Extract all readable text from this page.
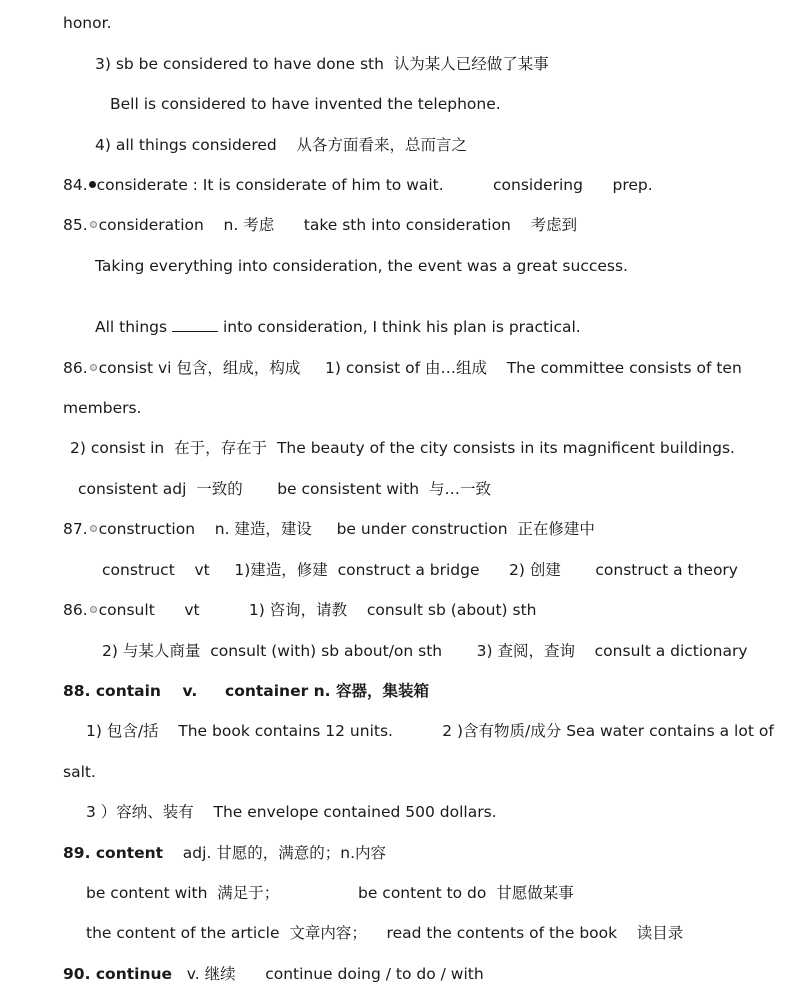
honor.
3) sb be considered to have done sth  认为某人已经做了某事
Bell is considered to have invented the telephone.
4) all things considered    从各方面看来，总而言之
84. considerate : It is considerate of him to wait.	considering      prep.
85. consideration    n. 考虑      take sth into consideration    考虑到
Taking everything into consideration, the event was a great success.
All things	into consideration, I think his plan is practical.
86. consist vi 包含，组成，构成     1) consist of 由…组成    The committee consists of ten
members.
2) consist in  在于，存在于  The beauty of the city consists in its magnificent buildings.
consistent adj  一致的       be consistent with  与…一致
87. construction    n. 建造，建设     be under construction  正在修建中
construct    vt     1)建造，修建  construct a bridge      2) 创建       construct a theory
86. consult      vt          1) 咨询，请教    consult sb (about) sth
2) 与某人商量  consult (with) sb about/on sth       3) 查阅，查询    consult a dictionary
88. contain    v. container n. 容器，集装箱
1) 包含/括    The book contains 12 units.          2 )含有物质/成分 Sea water contains a lot of
salt.
3 ）容纳、装有    The envelope contained 500 dollars.
89. content    adj. 甘愿的，满意的；n.内容
be content with  满足于；	be content to do  甘愿做某事
the content of the article  文章内容；    read the contents of the book    读目录
90. continue   v. 继续      continue doing / to do / with
